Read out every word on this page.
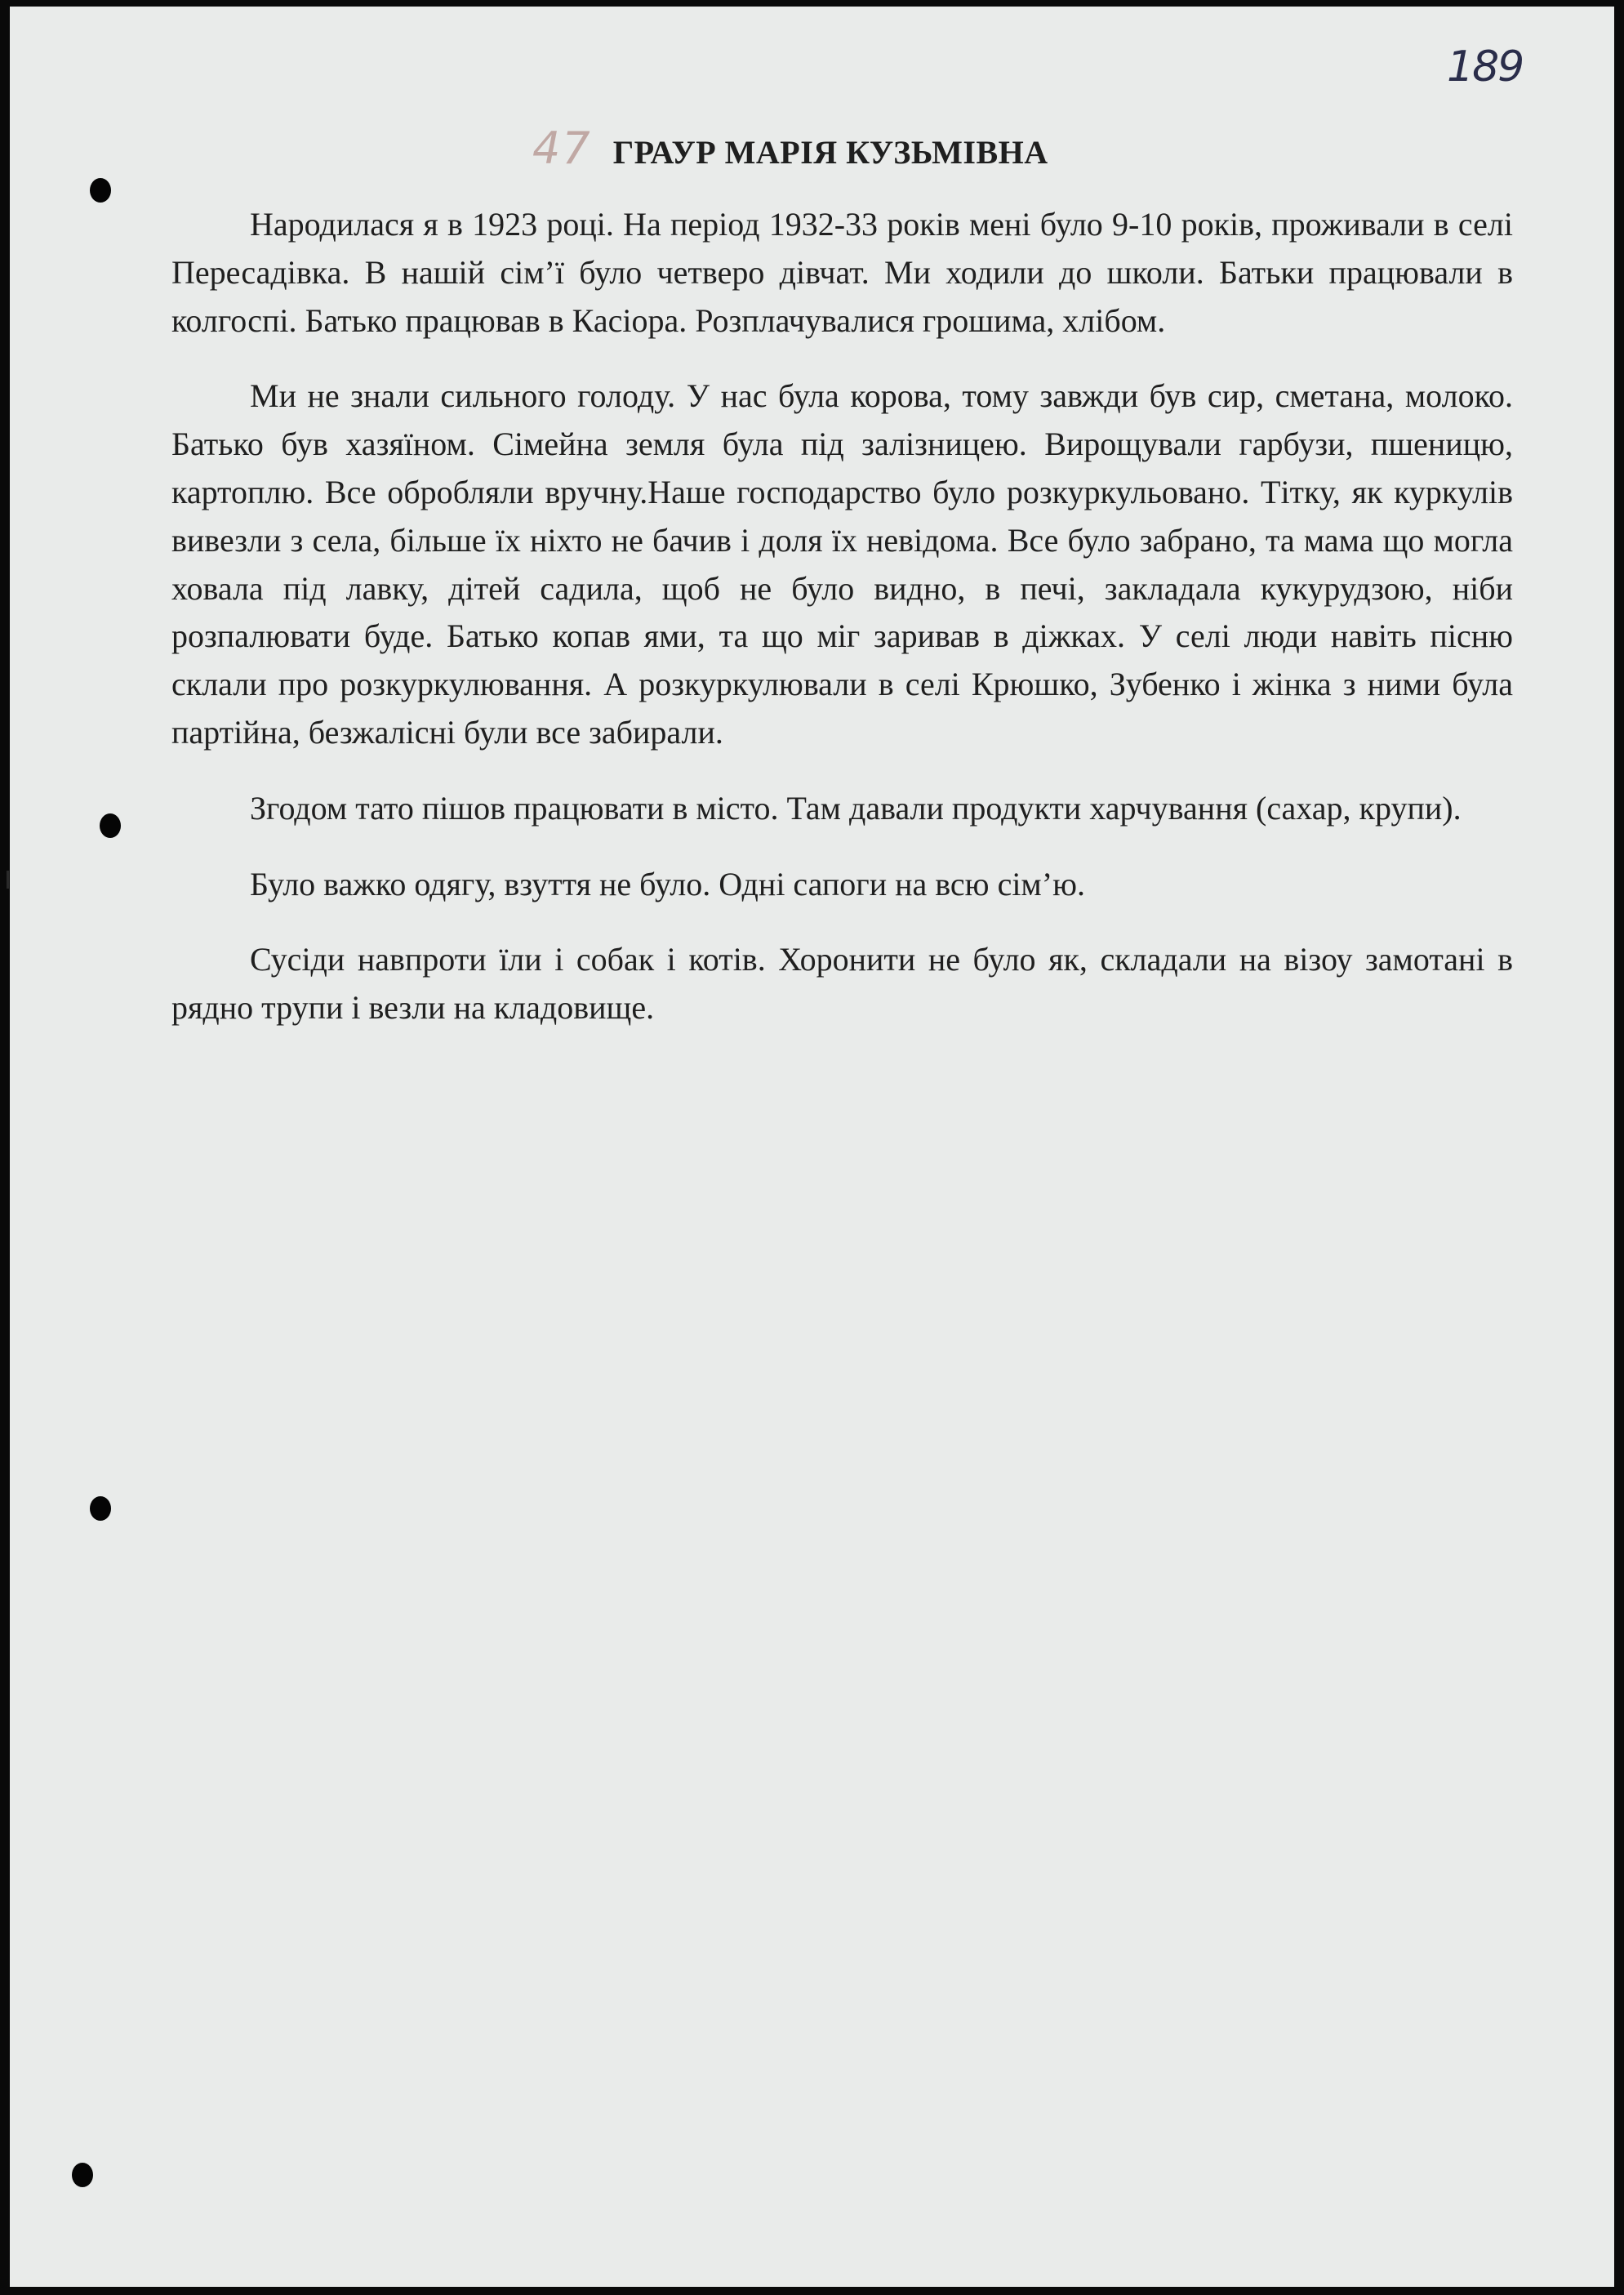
189
47 ГРАУР МАРІЯ КУЗЬМІВНА

Народилася я в 1923 році. На період 1932-33 років мені було 9-10 років, проживали в селі Пересадівка. В нашій сім’ї було четверо дівчат. Ми ходили до школи. Батьки працювали в колгоспі. Батько працював в Касіора. Розплачувалися грошима, хлібом.

Ми не знали сильного голоду. У нас була корова, тому завжди був сир, сметана, молоко. Батько був хазяїном. Сімейна земля була під залізницею. Вирощували гарбузи, пшеницю, картоплю. Все обробляли вручну.Наше господарство було розкуркульовано. Тітку, як куркулів вивезли з села, більше їх ніхто не бачив і доля їх невідома. Все було забрано, та мама що могла ховала під лавку, дітей садила, щоб не було видно, в печі, закладала кукурудзою, ніби розпалювати буде. Батько копав ями, та що міг заривав в діжках. У селі люди навіть пісню склали про розкуркулювання. А розкуркулювали в селі Крюшко, Зубенко і жінка з ними була партійна, безжалісні були все забирали.

Згодом тато пішов працювати в місто. Там давали продукти харчування (сахар, крупи).

Було важко одягу, взуття не було. Одні сапоги на всю сім’ю.

Сусіди навпроти їли і собак і котів. Хоронити не було як, складали на візоу замотані в рядно трупи і везли на кладовище.
